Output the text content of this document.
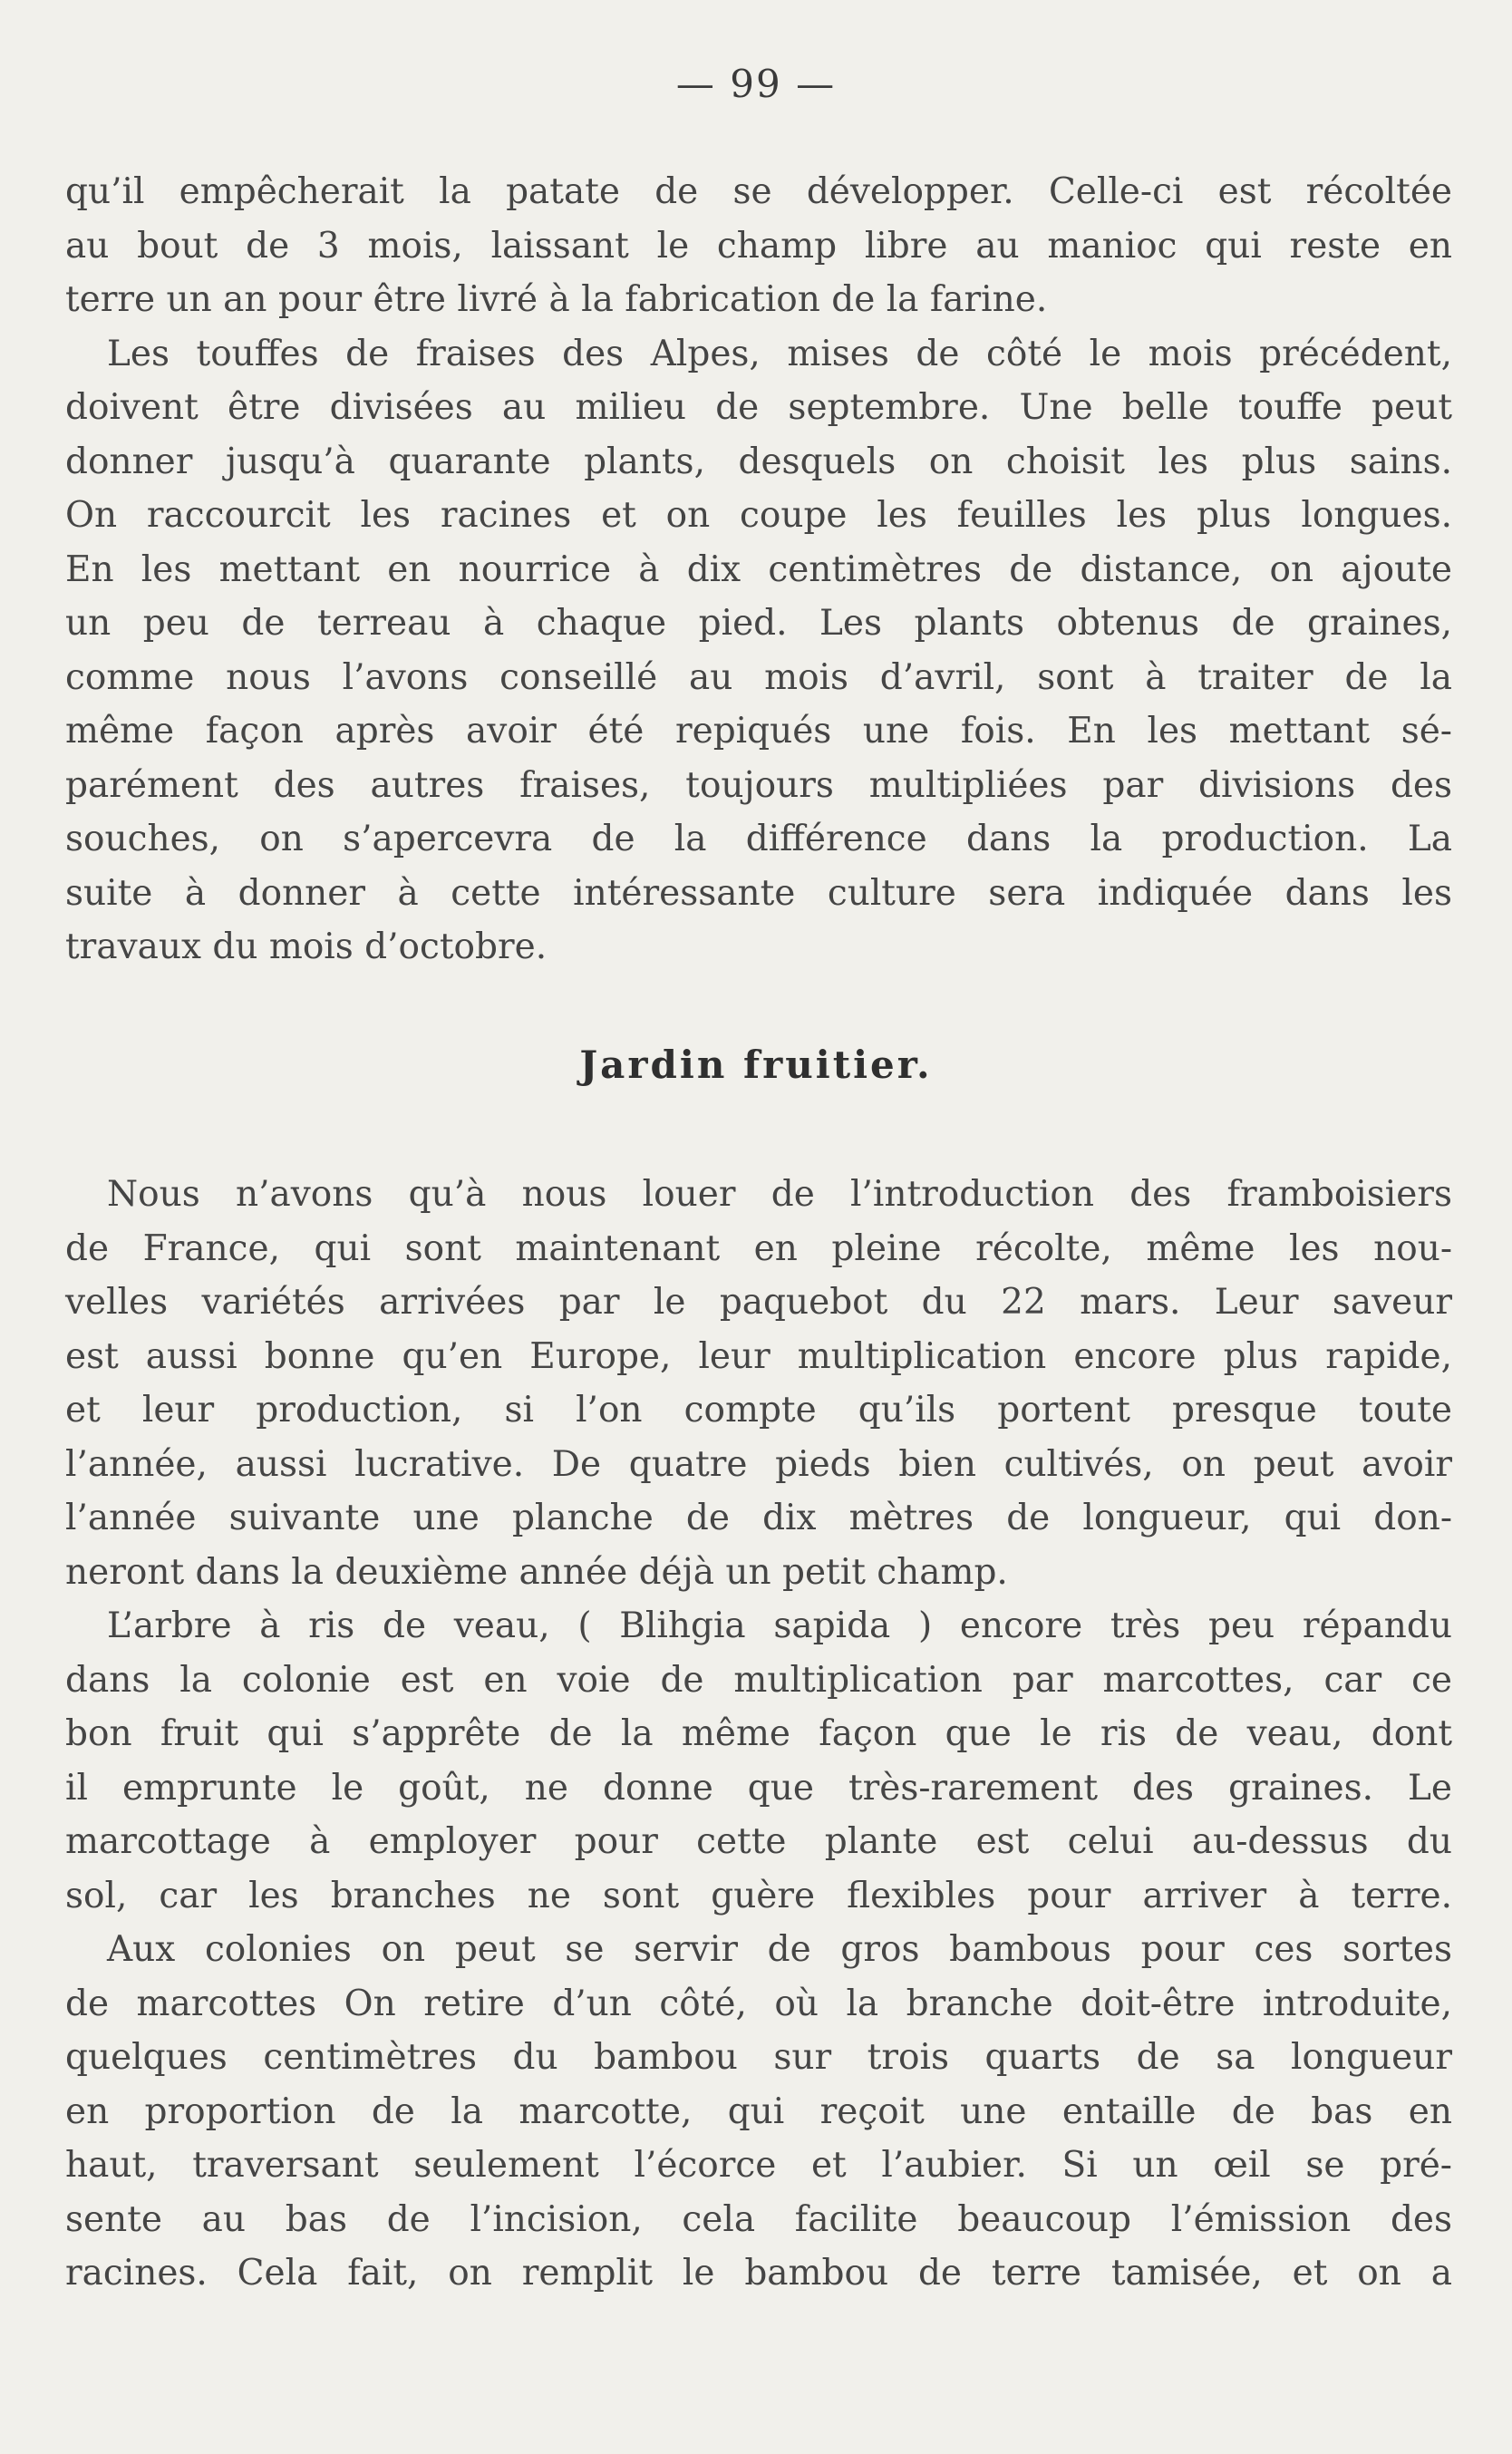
— 99 —
qu’il empêcherait la patate de se développer. Celle-ci est récoltée
au bout de 3 mois, laissant le champ libre au manioc qui reste en
terre un an pour être livré à la fabrication de la farine.
Les touffes de fraises des Alpes, mises de côté le mois précédent,
doivent être divisées au milieu de septembre. Une belle touffe peut
donner jusqu’à quarante plants, desquels on choisit les plus sains.
On raccourcit les racines et on coupe les feuilles les plus longues.
En les mettant en nourrice à dix centimètres de distance, on ajoute
un peu de terreau à chaque pied. Les plants obtenus de graines,
comme nous l’avons conseillé au mois d’avril, sont à traiter de la
même façon après avoir été repiqués une fois. En les mettant sé-
parément des autres fraises, toujours multipliées par divisions des
souches, on s’apercevra de la différence dans la production. La
suite à donner à cette intéressante culture sera indiquée dans les
travaux du mois d’octobre.
Jardin fruitier.
Nous n’avons qu’à nous louer de l’introduction des framboisiers
de France, qui sont maintenant en pleine récolte, même les nou-
velles variétés arrivées par le paquebot du 22 mars. Leur saveur
est aussi bonne qu’en Europe, leur multiplication encore plus rapide,
et leur production, si l’on compte qu’ils portent presque toute
l’année, aussi lucrative. De quatre pieds bien cultivés, on peut avoir
l’année suivante une planche de dix mètres de longueur, qui don-
neront dans la deuxième année déjà un petit champ.
L’arbre à ris de veau, ( Blihgia sapida ) encore très peu répandu
dans la colonie est en voie de multiplication par marcottes, car ce
bon fruit qui s’apprête de la même façon que le ris de veau, dont
il emprunte le goût, ne donne que très-rarement des graines. Le
marcottage à employer pour cette plante est celui au-dessus du
sol, car les branches ne sont guère flexibles pour arriver à terre.
Aux colonies on peut se servir de gros bambous pour ces sortes
de marcottes On retire d’un côté, où la branche doit-être introduite,
quelques centimètres du bambou sur trois quarts de sa longueur
en proportion de la marcotte, qui reçoit une entaille de bas en
haut, traversant seulement l’écorce et l’aubier. Si un œil se pré-
sente au bas de l’incision, cela facilite beaucoup l’émission des
racines. Cela fait, on remplit le bambou de terre tamisée, et on a
